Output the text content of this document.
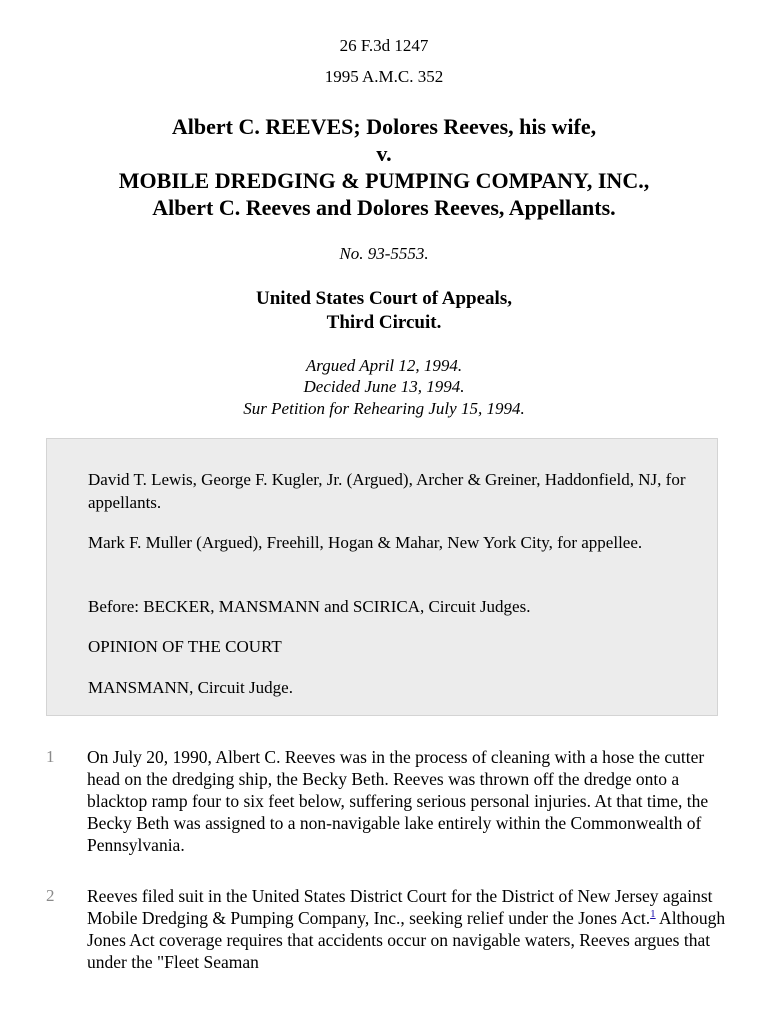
26 F.3d 1247
1995 A.M.C. 352
Albert C. REEVES; Dolores Reeves, his wife,
v.
MOBILE DREDGING & PUMPING COMPANY, INC.,
Albert C. Reeves and Dolores Reeves, Appellants.
No. 93-5553.
United States Court of Appeals,
Third Circuit.
Argued April 12, 1994.
Decided June 13, 1994.
Sur Petition for Rehearing July 15, 1994.

David T. Lewis, George F. Kugler, Jr. (Argued), Archer & Greiner, Haddonfield, NJ, for appellants.

Mark F. Muller (Argued), Freehill, Hogan & Mahar, New York City, for appellee.

Before: BECKER, MANSMANN and SCIRICA, Circuit Judges.

OPINION OF THE COURT

MANSMANN, Circuit Judge.

1 On July 20, 1990, Albert C. Reeves was in the process of cleaning with a hose the cutter head on the dredging ship, the Becky Beth. Reeves was thrown off the dredge onto a blacktop ramp four to six feet below, suffering serious personal injuries. At that time, the Becky Beth was assigned to a non-navigable lake entirely within the Commonwealth of Pennsylvania.

2 Reeves filed suit in the United States District Court for the District of New Jersey against Mobile Dredging & Pumping Company, Inc., seeking relief under the Jones Act.$^1$ Although Jones Act coverage requires that accidents occur on navigable waters, Reeves argues that under the "Fleet Seaman
